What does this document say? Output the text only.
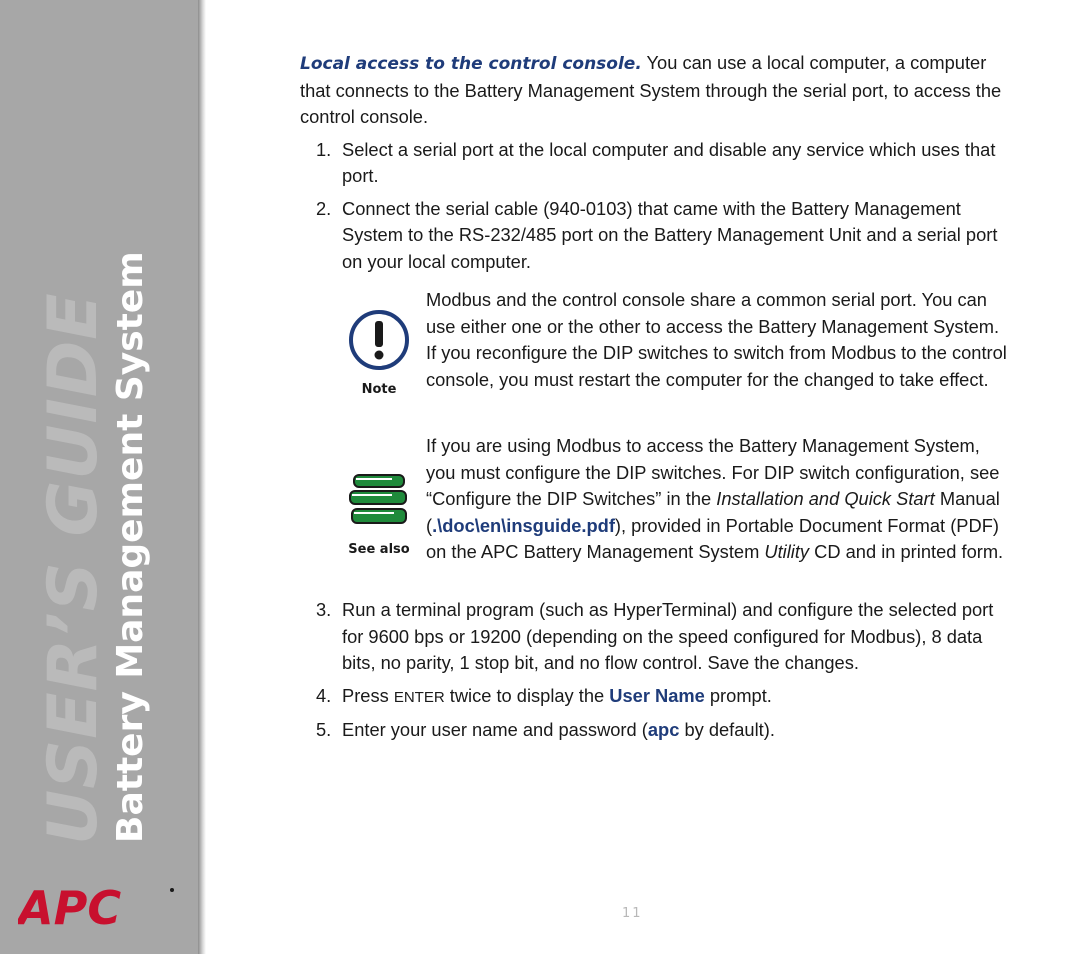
USER’S GUIDE
Battery Management System
APC

Local access to the control console. You can use a local computer, a computer that connects to the Battery Management System through the serial port, to access the control console.

1. Select a serial port at the local computer and disable any service which uses that port.
2. Connect the serial cable (940-0103) that came with the Battery Management System to the RS-232/485 port on the Battery Management Unit and a serial port on your local computer.
Note

Modbus and the control console share a common serial port. You can use either one or the other to access the Battery Management System. If you reconfigure the DIP switches to switch from Modbus to the control console, you must restart the computer for the changed to take effect.

See also

If you are using Modbus to access the Battery Management System, you must configure the DIP switches. For DIP switch configuration, see “Configure the DIP Switches” in the Installation and Quick Start Manual (.\doc\en\insguide.pdf), provided in Portable Document Format (PDF) on the APC Battery Management System Utility CD and in printed form.

3. Run a terminal program (such as HyperTerminal) and configure the selected port for 9600 bps or 19200 (depending on the speed configured for Modbus), 8 data bits, no parity, 1 stop bit, and no flow control. Save the changes.
4. Press ENTER twice to display the User Name prompt.
5. Enter your user name and password (apc by default).
11
